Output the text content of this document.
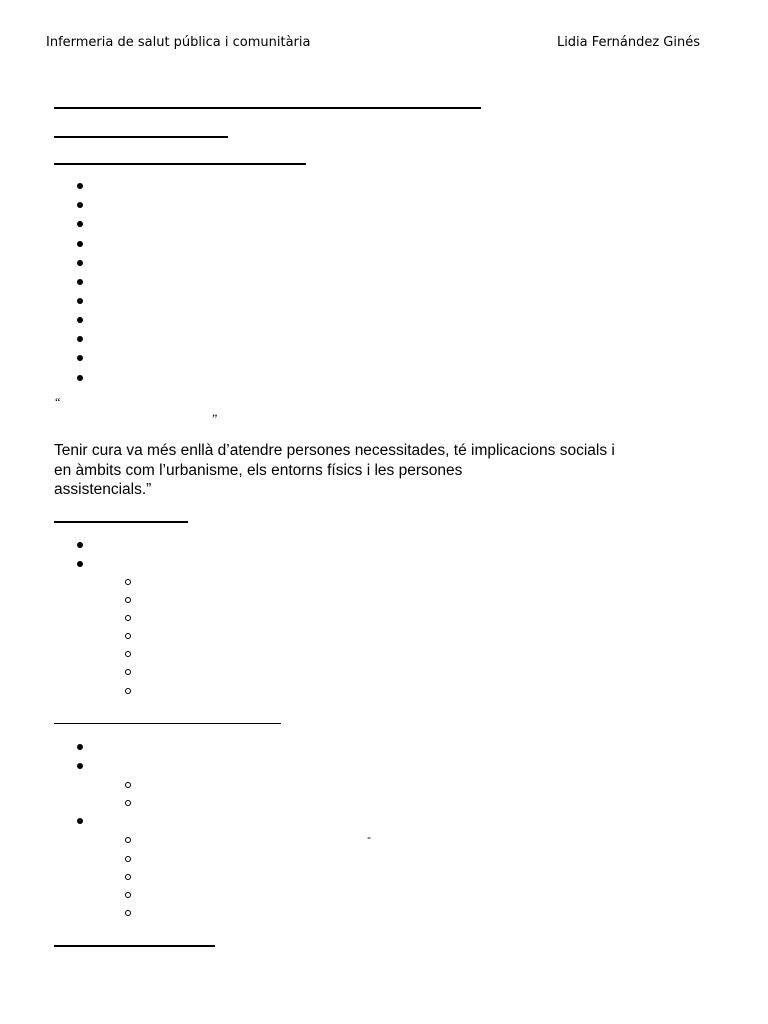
Infermeria de salut pública i comunitària	Lidia Fernández Ginés
“
”
Tenir cura va més enllà d’atendre persones necessitades, té implicacions socials i
en àmbits com l’urbanisme, els entorns físics i les persones
assistencials.”
-
